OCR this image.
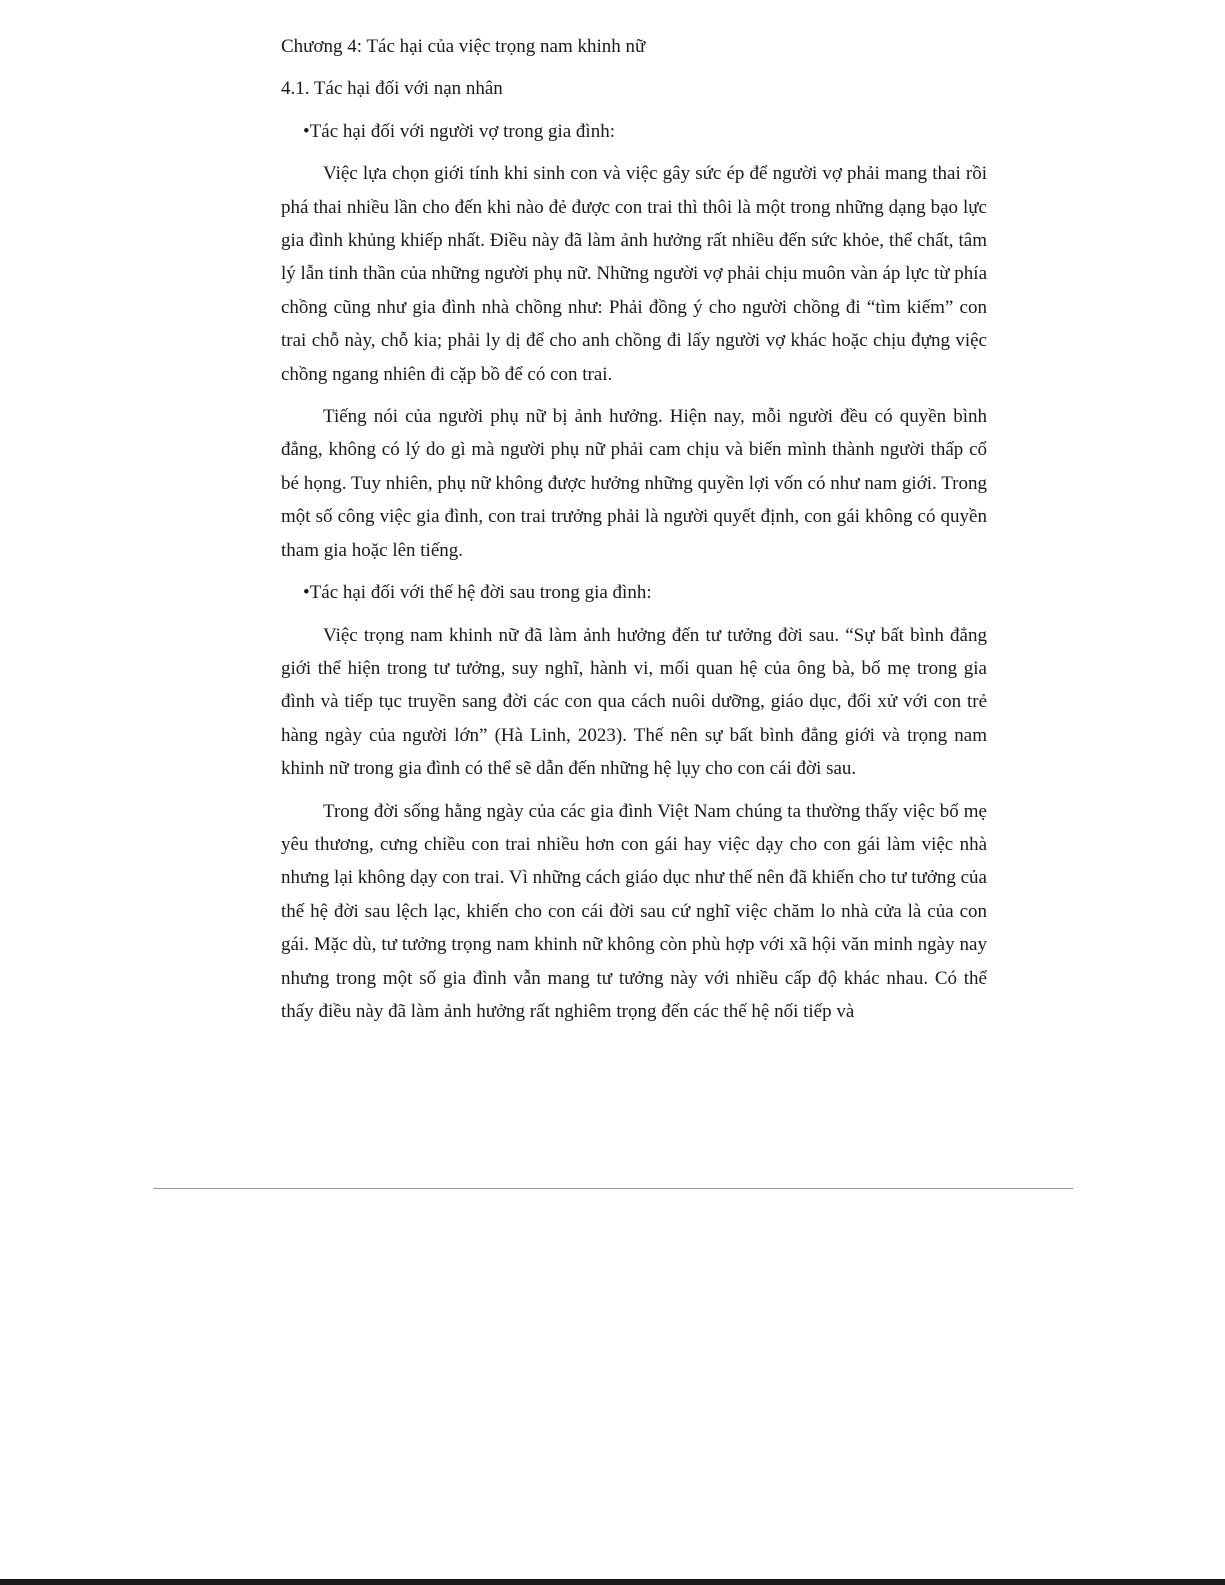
Chương 4: Tác hại của việc trọng nam khinh nữ

4.1. Tác hại đối với nạn nhân

•Tác hại đối với người vợ trong gia đình:

Việc lựa chọn giới tính khi sinh con và việc gây sức ép để người vợ phải mang thai rồi phá thai nhiều lần cho đến khi nào đẻ được con trai thì thôi là một trong những dạng bạo lực gia đình khủng khiếp nhất. Điều này đã làm ảnh hưởng rất nhiều đến sức khỏe, thể chất, tâm lý lẫn tinh thần của những người phụ nữ. Những người vợ phải chịu muôn vàn áp lực từ phía chồng cũng như gia đình nhà chồng như: Phải đồng ý cho người chồng đi “tìm kiếm” con trai chỗ này, chỗ kia; phải ly dị để cho anh chồng đi lấy người vợ khác hoặc chịu đựng việc chồng ngang nhiên đi cặp bồ để có con trai.

Tiếng nói của người phụ nữ bị ảnh hưởng. Hiện nay, mỗi người đều có quyền bình đẳng, không có lý do gì mà người phụ nữ phải cam chịu và biến mình thành người thấp cổ bé họng. Tuy nhiên, phụ nữ không được hưởng những quyền lợi vốn có như nam giới. Trong một số công việc gia đình, con trai trưởng phải là người quyết định, con gái không có quyền tham gia hoặc lên tiếng.

•Tác hại đối với thế hệ đời sau trong gia đình:

Việc trọng nam khinh nữ đã làm ảnh hưởng đến tư tưởng đời sau. “Sự bất bình đẳng giới thể hiện trong tư tưởng, suy nghĩ, hành vi, mối quan hệ của ông bà, bố mẹ trong gia đình và tiếp tục truyền sang đời các con qua cách nuôi dưỡng, giáo dục, đối xử với con trẻ hàng ngày của người lớn” (Hà Linh, 2023). Thế nên sự bất bình đẳng giới và trọng nam khinh nữ trong gia đình có thể sẽ dẫn đến những hệ lụy cho con cái đời sau.

Trong đời sống hằng ngày của các gia đình Việt Nam chúng ta thường thấy việc bố mẹ yêu thương, cưng chiều con trai nhiều hơn con gái hay việc dạy cho con gái làm việc nhà nhưng lại không dạy con trai. Vì những cách giáo dục như thế nên đã khiến cho tư tưởng của thế hệ đời sau lệch lạc, khiến cho con cái đời sau cứ nghĩ việc chăm lo nhà cửa là của con gái. Mặc dù, tư tưởng trọng nam khinh nữ không còn phù hợp với xã hội văn minh ngày nay nhưng trong một số gia đình vẫn mang tư tưởng này với nhiều cấp độ khác nhau. Có thể thấy điều này đã làm ảnh hưởng rất nghiêm trọng đến các thế hệ nối tiếp và
